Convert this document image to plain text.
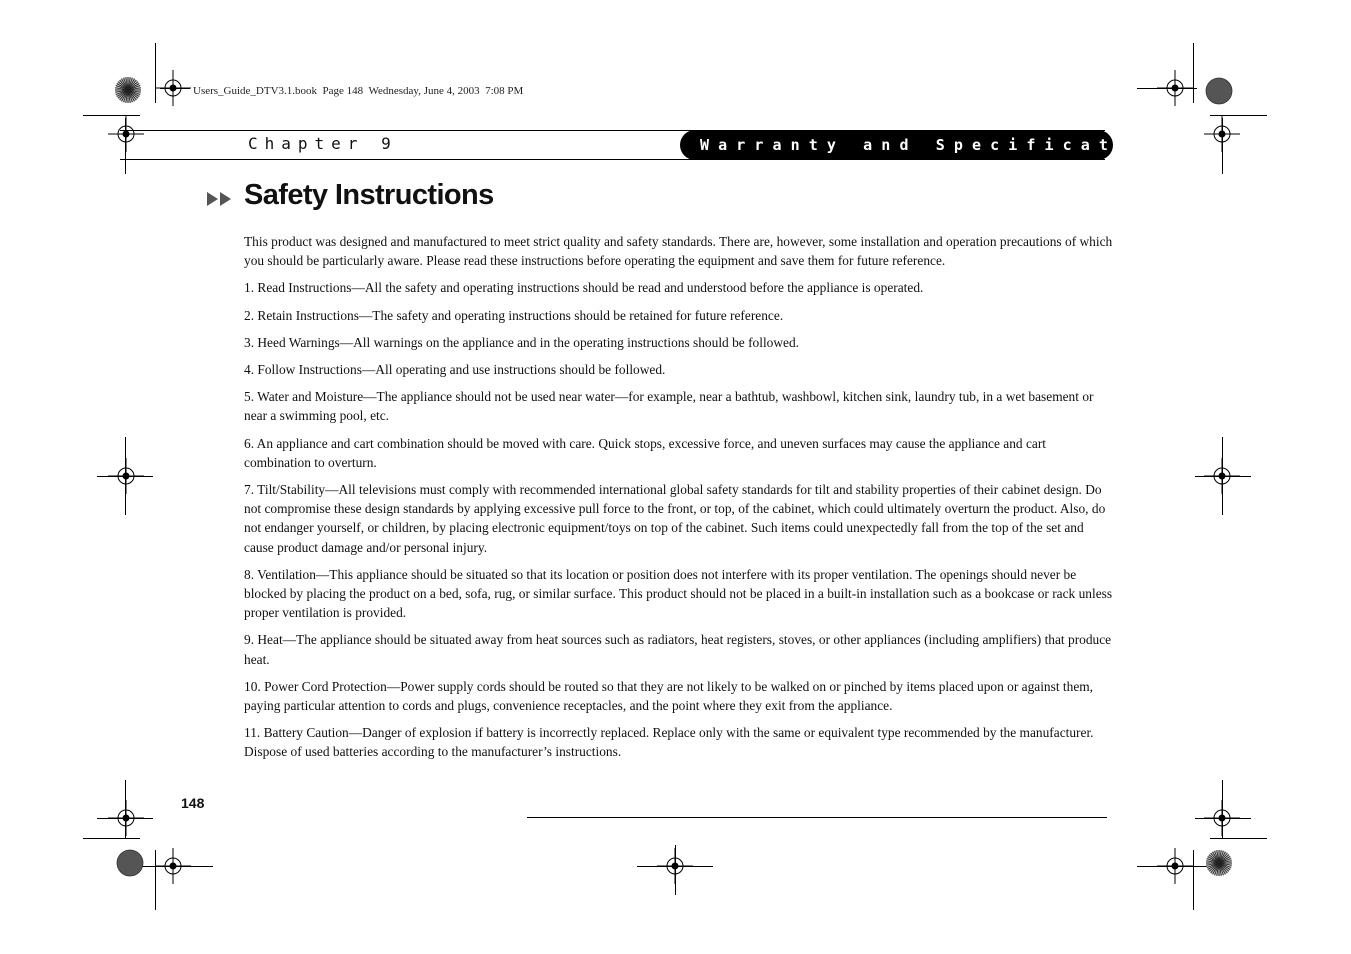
Users_Guide_DTV3.1.book  Page 148  Wednesday, June 4, 2003  7:08 PM
Chapter 9	Warranty and Specifications
Safety Instructions

This product was designed and manufactured to meet strict quality and safety standards. There are, however, some installation and operation precautions of which you should be particularly aware. Please read these instructions before operating the equipment and save them for future reference.

1. Read Instructions—All the safety and operating instructions should be read and understood before the appliance is operated.

2. Retain Instructions—The safety and operating instructions should be retained for future reference.

3. Heed Warnings—All warnings on the appliance and in the operating instructions should be followed.

4. Follow Instructions—All operating and use instructions should be followed.

5. Water and Moisture—The appliance should not be used near water—for example, near a bathtub, washbowl, kitchen sink, laundry tub, in a wet basement or near a swimming pool, etc.

6. An appliance and cart combination should be moved with care. Quick stops, excessive force, and uneven surfaces may cause the appliance and cart combination to overturn.

7. Tilt/Stability—All televisions must comply with recommended international global safety standards for tilt and stability properties of their cabinet design. Do not compromise these design standards by applying excessive pull force to the front, or top, of the cabinet, which could ultimately overturn the product. Also, do not endanger yourself, or children, by placing electronic equipment/toys on top of the cabinet. Such items could unexpectedly fall from the top of the set and cause product damage and/or personal injury.

8. Ventilation—This appliance should be situated so that its location or position does not interfere with its proper ventilation. The openings should never be blocked by placing the product on a bed, sofa, rug, or similar surface. This product should not be placed in a built-in installation such as a bookcase or rack unless proper ventilation is provided.

9. Heat—The appliance should be situated away from heat sources such as radiators, heat registers, stoves, or other appliances (including amplifiers) that produce heat.

10. Power Cord Protection—Power supply cords should be routed so that they are not likely to be walked on or pinched by items placed upon or against them, paying particular attention to cords and plugs, convenience receptacles, and the point where they exit from the appliance.

11. Battery Caution—Danger of explosion if battery is incorrectly replaced. Replace only with the same or equivalent type recommended by the manufacturer. Dispose of used batteries according to the manufacturer’s instructions.

148
